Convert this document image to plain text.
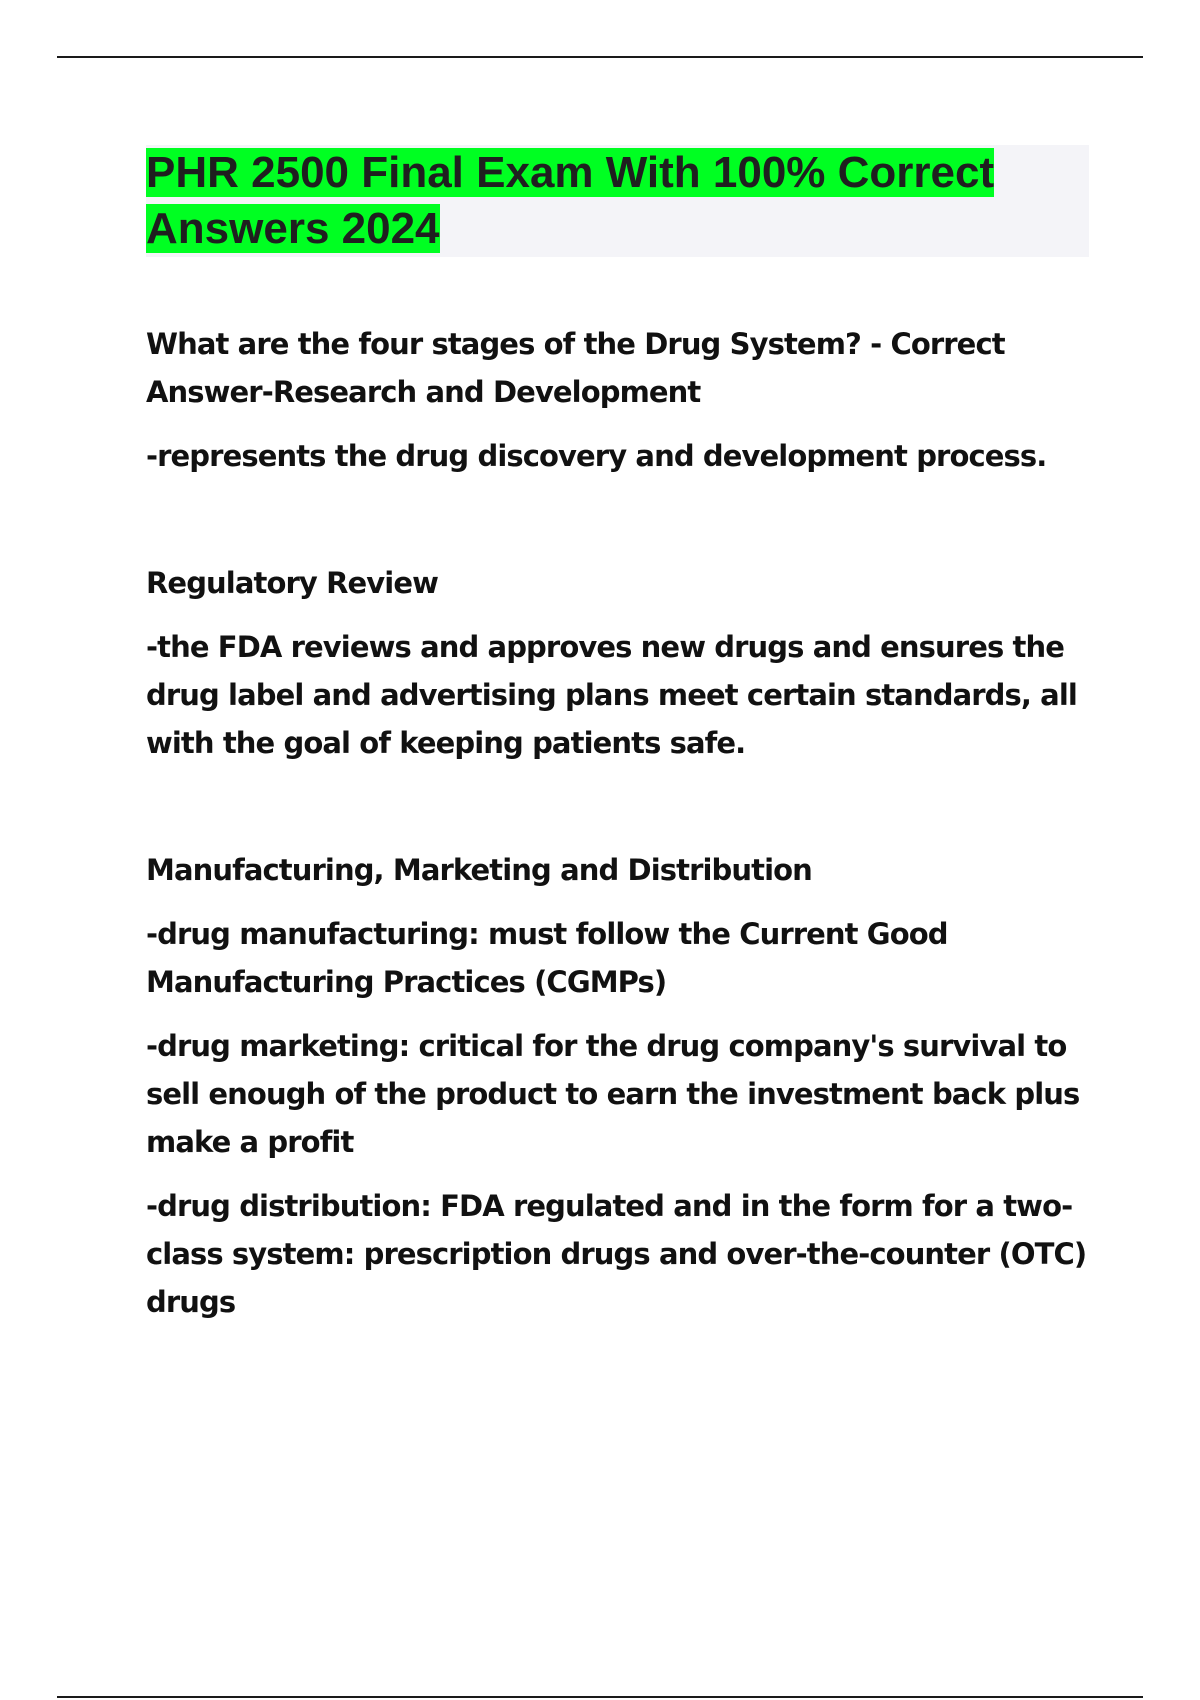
PHR 2500 Final Exam With 100% Correct Answers 2024

What are the four stages of the Drug System? - Correct Answer-Research and Development

-represents the drug discovery and development process.

Regulatory Review

-the FDA reviews and approves new drugs and ensures the drug label and advertising plans meet certain standards, all with the goal of keeping patients safe.

Manufacturing, Marketing and Distribution

-drug manufacturing: must follow the Current Good Manufacturing Practices (CGMPs)

-drug marketing: critical for the drug company's survival to sell enough of the product to earn the investment back plus make a profit

-drug distribution: FDA regulated and in the form for a two-class system: prescription drugs and over-the-counter (OTC) drugs
